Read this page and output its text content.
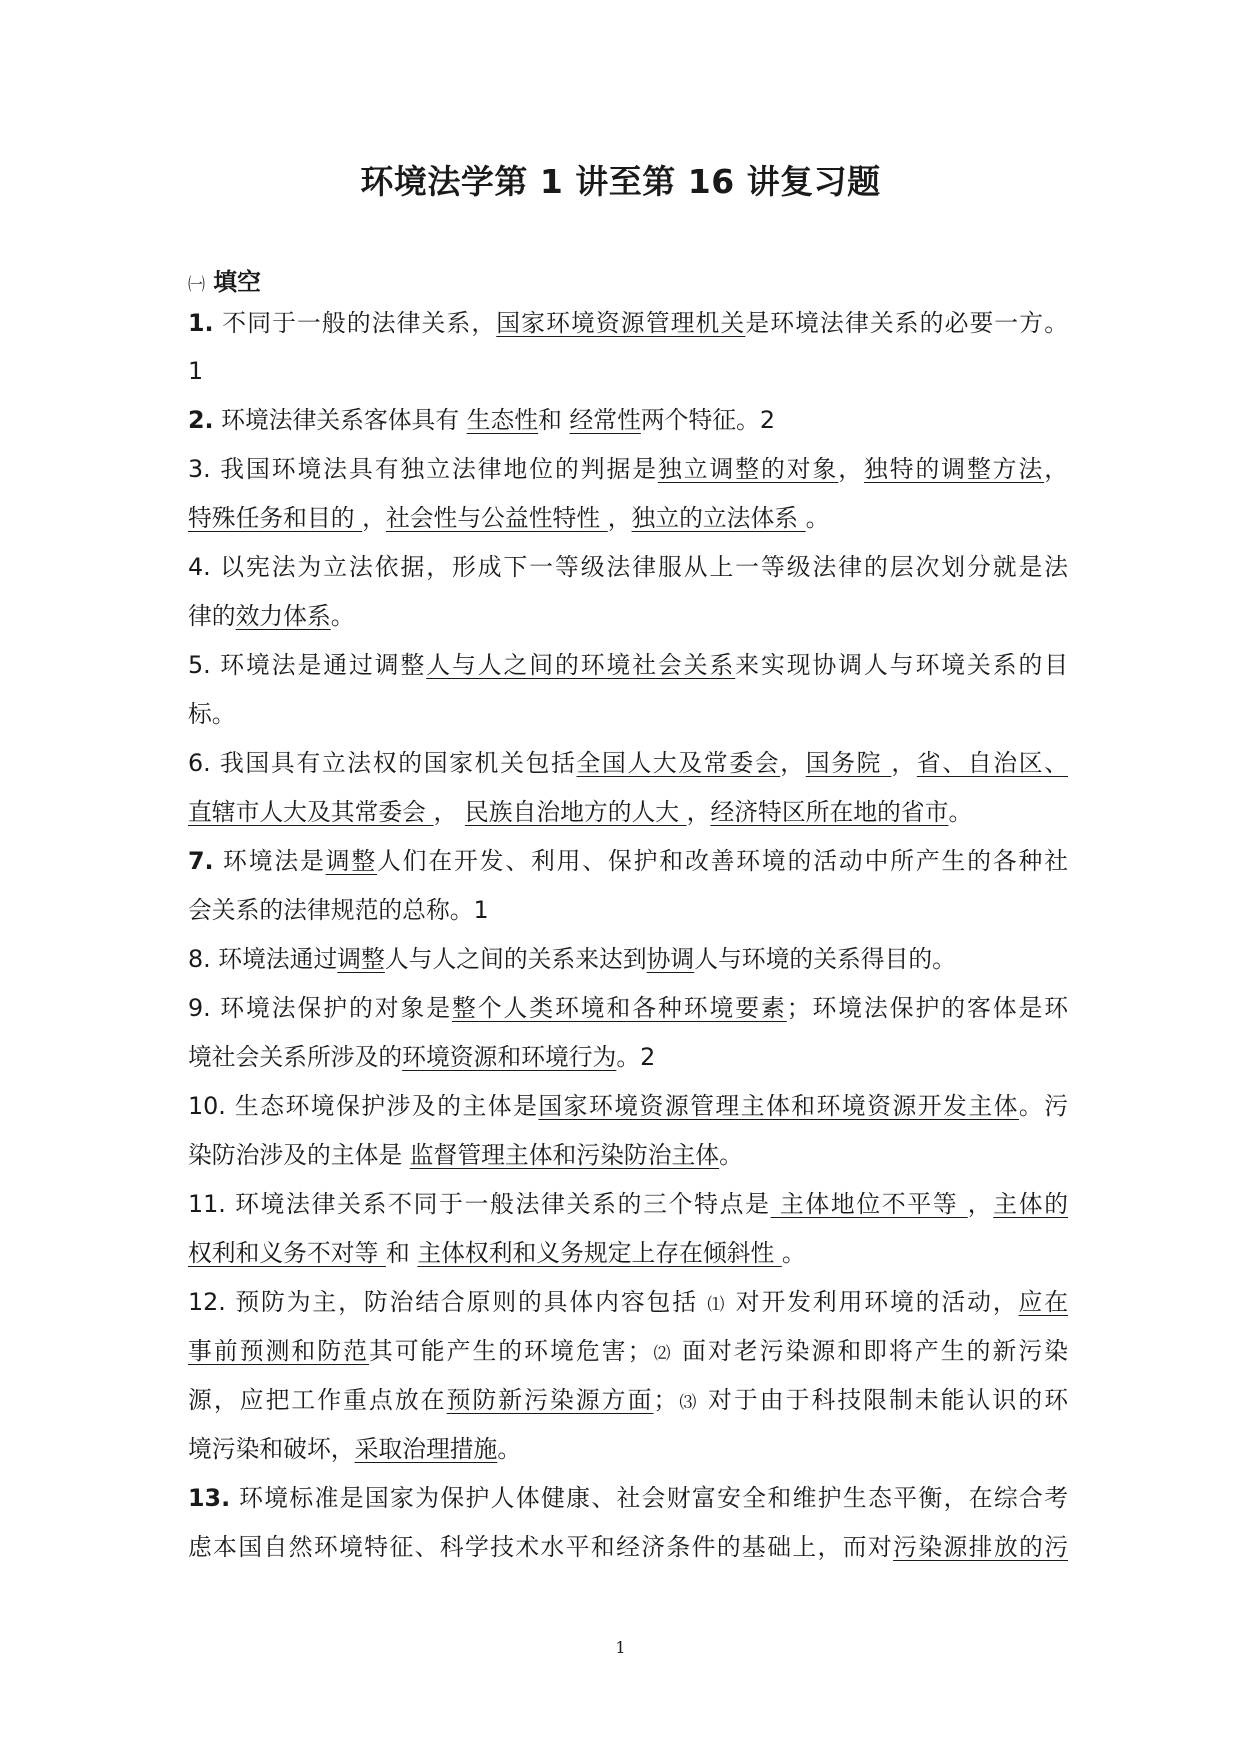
环境法学第 1 讲至第 16 讲复习题
㈠ 填空
1. 不同于一般的法律关系，国家环境资源管理机关是环境法律关系的必要一方。
1
2. 环境法律关系客体具有 生态性和 经常性两个特征。2
3. 我国环境法具有独立法律地位的判据是独立调整的对象，独特的调整方法，
特殊任务和目的 ，社会性与公益性特性 ，独立的立法体系 。
4. 以宪法为立法依据，形成下一等级法律服从上一等级法律的层次划分就是法
律的效力体系。
5. 环境法是通过调整人与人之间的环境社会关系来实现协调人与环境关系的目
标。
6. 我国具有立法权的国家机关包括全国人大及常委会，国务院 ，省、自治区、
直辖市人大及其常委会 ， 民族自治地方的人大 ，经济特区所在地的省市。
7. 环境法是调整人们在开发、利用、保护和改善环境的活动中所产生的各种社
会关系的法律规范的总称。1
8. 环境法通过调整人与人之间的关系来达到协调人与环境的关系得目的。
9. 环境法保护的对象是整个人类环境和各种环境要素；环境法保护的客体是环
境社会关系所涉及的环境资源和环境行为。2
10. 生态环境保护涉及的主体是国家环境资源管理主体和环境资源开发主体。污
染防治涉及的主体是 监督管理主体和污染防治主体。
11. 环境法律关系不同于一般法律关系的三个特点是 主体地位不平等 ，主体的
权利和义务不对等 和 主体权利和义务规定上存在倾斜性 。
12. 预防为主，防治结合原则的具体内容包括 ⑴ 对开发利用环境的活动，应在
事前预测和防范其可能产生的环境危害；⑵ 面对老污染源和即将产生的新污染
源，应把工作重点放在预防新污染源方面；⑶ 对于由于科技限制未能认识的环
境污染和破坏，采取治理措施。
13. 环境标准是国家为保护人体健康、社会财富安全和维护生态平衡，在综合考
虑本国自然环境特征、科学技术水平和经济条件的基础上，而对污染源排放的污
1
